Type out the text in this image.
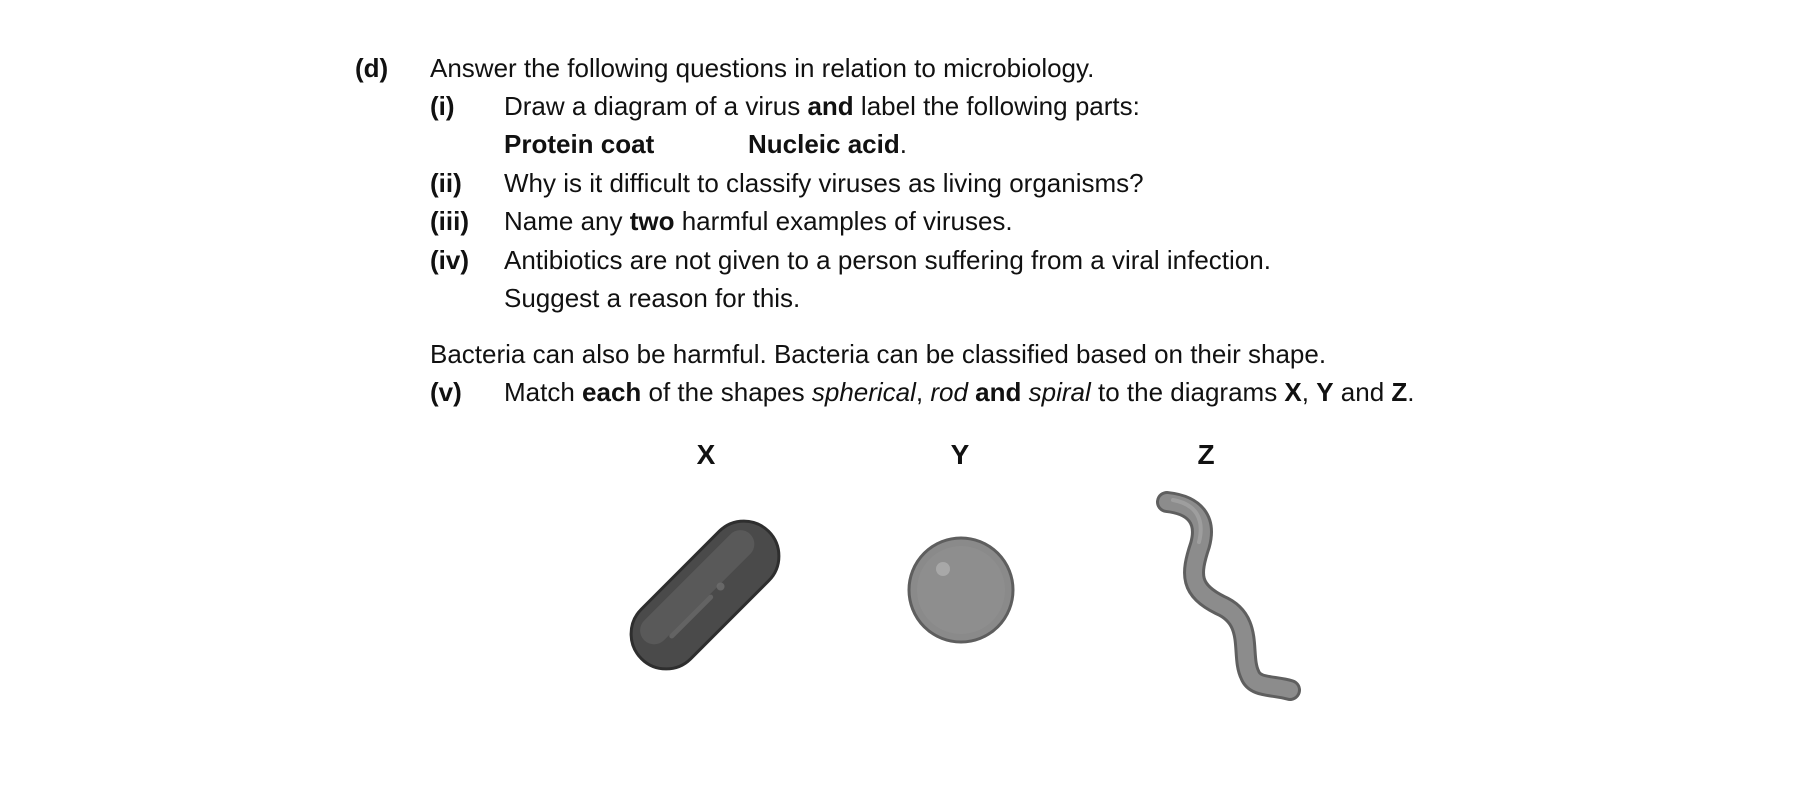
(d) Answer the following questions in relation to microbiology.
(i) Draw a diagram of a virus and label the following parts:
Protein coat	Nucleic acid.
(ii) Why is it difficult to classify viruses as living organisms?
(iii) Name any two harmful examples of viruses.
(iv) Antibiotics are not given to a person suffering from a viral infection.
Suggest a reason for this.
Bacteria can also be harmful. Bacteria can be classified based on their shape.
(v) Match each of the shapes spherical, rod and spiral to the diagrams X, Y and Z.
X	Y	Z
